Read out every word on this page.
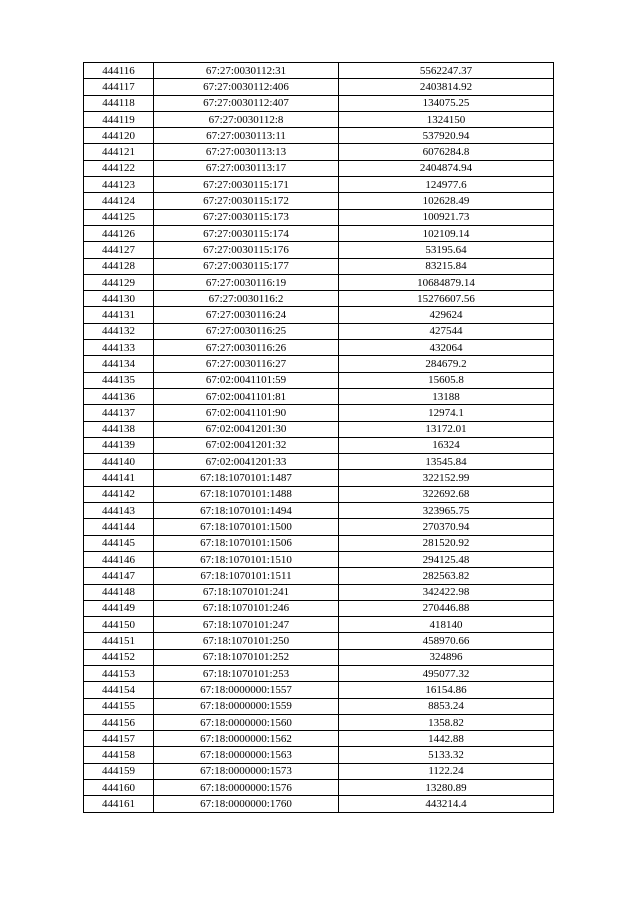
444116	67:27:0030112:31	5562247.37
444117	67:27:0030112:406	2403814.92
444118	67:27:0030112:407	134075.25
444119	67:27:0030112:8	1324150
444120	67:27:0030113:11	537920.94
444121	67:27:0030113:13	6076284.8
444122	67:27:0030113:17	2404874.94
444123	67:27:0030115:171	124977.6
444124	67:27:0030115:172	102628.49
444125	67:27:0030115:173	100921.73
444126	67:27:0030115:174	102109.14
444127	67:27:0030115:176	53195.64
444128	67:27:0030115:177	83215.84
444129	67:27:0030116:19	10684879.14
444130	67:27:0030116:2	15276607.56
444131	67:27:0030116:24	429624
444132	67:27:0030116:25	427544
444133	67:27:0030116:26	432064
444134	67:27:0030116:27	284679.2
444135	67:02:0041101:59	15605.8
444136	67:02:0041101:81	13188
444137	67:02:0041101:90	12974.1
444138	67:02:0041201:30	13172.01
444139	67:02:0041201:32	16324
444140	67:02:0041201:33	13545.84
444141	67:18:1070101:1487	322152.99
444142	67:18:1070101:1488	322692.68
444143	67:18:1070101:1494	323965.75
444144	67:18:1070101:1500	270370.94
444145	67:18:1070101:1506	281520.92
444146	67:18:1070101:1510	294125.48
444147	67:18:1070101:1511	282563.82
444148	67:18:1070101:241	342422.98
444149	67:18:1070101:246	270446.88
444150	67:18:1070101:247	418140
444151	67:18:1070101:250	458970.66
444152	67:18:1070101:252	324896
444153	67:18:1070101:253	495077.32
444154	67:18:0000000:1557	16154.86
444155	67:18:0000000:1559	8853.24
444156	67:18:0000000:1560	1358.82
444157	67:18:0000000:1562	1442.88
444158	67:18:0000000:1563	5133.32
444159	67:18:0000000:1573	1122.24
444160	67:18:0000000:1576	13280.89
444161	67:18:0000000:1760	443214.4
